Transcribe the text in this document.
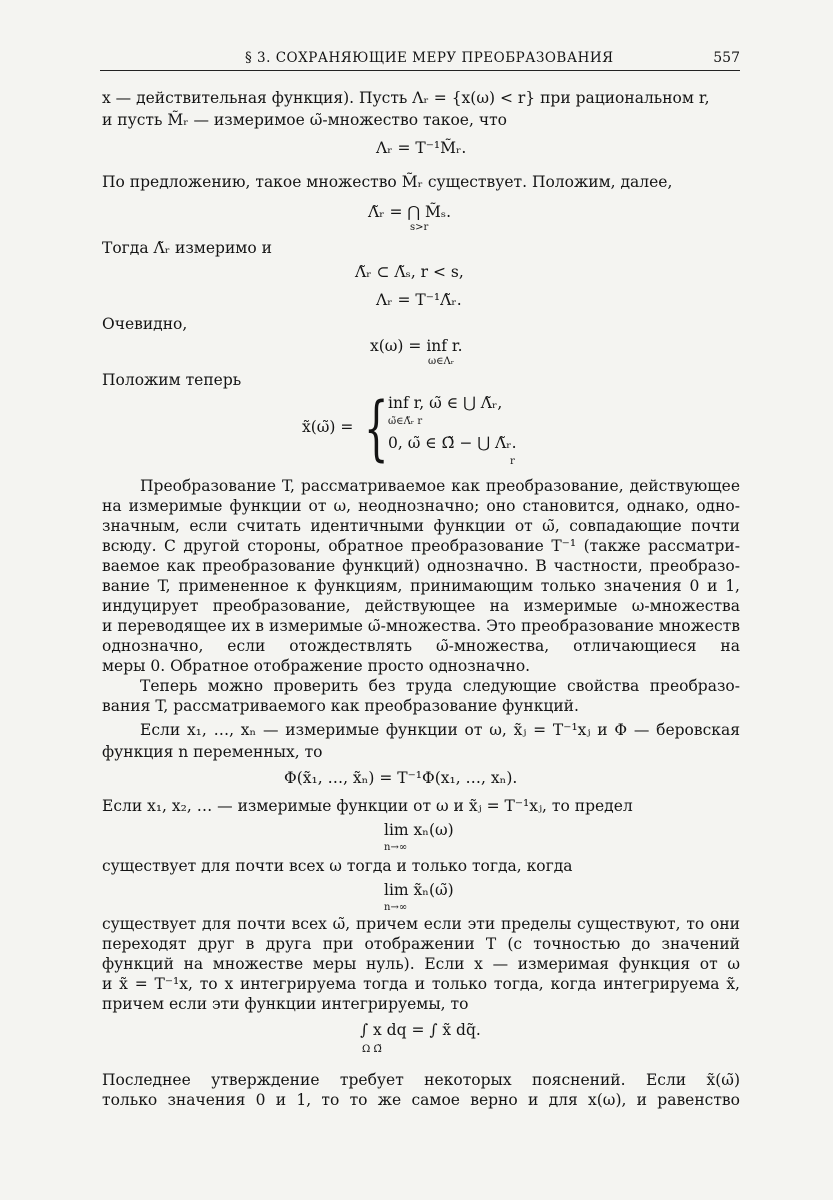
§ 3. СОХРАНЯЮЩИЕ МЕРУ ПРЕОБРАЗОВАНИЯ	557
x — действительная функция). Пусть Λᵣ = {x(ω) < r} при рациональном r,
и пусть M̃ᵣ — измеримое ω̃-множество такое, что
Λᵣ = T⁻¹M̃ᵣ.
По предложению, такое множество M̃ᵣ существует. Положим, далее,
Λ̃ᵣ = ⋂ M̃ₛ.
s>r
Тогда Λ̃ᵣ измеримо и
Λ̃ᵣ ⊂ Λ̃ₛ, r < s,
Λᵣ = T⁻¹Λ̃ᵣ.
Очевидно,
x(ω) = inf r.
ω∈Λᵣ
Положим теперь
x̃(ω̃) = { inf r, ω̃ ∈ ⋃ Λ̃ᵣ,
0, ω̃ ∈ Ω̃ − ⋃ Λ̃ᵣ.
ω̃∈Λ̃ᵣ r
r
Преобразование T, рассматриваемое как преобразование, действующее
на измеримые функции от ω, неоднозначно; оно становится, однако, одно-
значным, если считать идентичными функции от ω̃, совпадающие почти
всюду. С другой стороны, обратное преобразование T⁻¹ (также рассматри-
ваемое как преобразование функций) однозначно. В частности, преобразо-
вание T, примененное к функциям, принимающим только значения 0 и 1,
индуцирует преобразование, действующее на измеримые ω-множества
и переводящее их в измеримые ω̃-множества. Это преобразование множеств
однозначно, если отождествлять ω̃-множества, отличающиеся на
меры 0. Обратное отображение просто однозначно.
Теперь можно проверить без труда следующие свойства преобразо-
вания T, рассматриваемого как преобразование функций.
Если x₁, …, xₙ — измеримые функции от ω, x̃ⱼ = T⁻¹xⱼ и Φ — беровская
функция n переменных, то
Φ(x̃₁, …, x̃ₙ) = T⁻¹Φ(x₁, …, xₙ).
Если x₁, x₂, … — измеримые функции от ω и x̃ⱼ = T⁻¹xⱼ, то предел
lim xₙ(ω)
n→∞
существует для почти всех ω тогда и только тогда, когда
lim x̃ₙ(ω̃)
n→∞
существует для почти всех ω̃, причем если эти пределы существуют, то они
переходят друг в друга при отображении T (с точностью до значений
функций на множестве меры нуль). Если x — измеримая функция от ω
и x̃ = T⁻¹x, то x интегрируема тогда и только тогда, когда интегрируема x̃,
причем если эти функции интегрируемы, то
∫ x dq = ∫ x̃ dq̃.
Ω Ω̃
Последнее утверждение требует некоторых пояснений. Если x̃(ω̃)
только значения 0 и 1, то то же самое верно и для x(ω), и равенство
